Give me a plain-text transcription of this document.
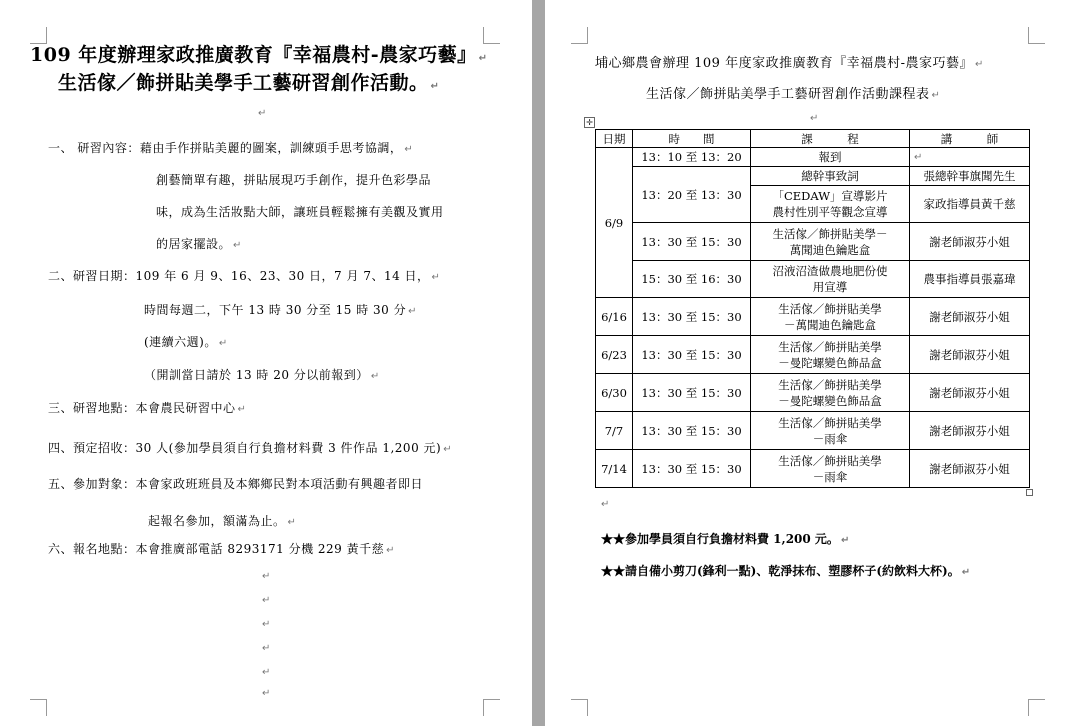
109 年度辦理家政推廣教育『幸福農村-農家巧藝』 ↵
生活傢／飾拼貼美學手工藝研習創作活動。 ↵
↵
一、 研習內容：藉由手作拼貼美麗的圖案，訓練頭手思考協調， ↵
創藝簡單有趣，拼貼展現巧手創作，提升色彩學品
味，成為生活妝點大師，讓班員輕鬆擁有美觀及實用
的居家擺設。 ↵
二、研習日期：109 年 6 月 9、16、23、30 日，7 月 7、14 日， ↵
時間每週二，下午 13 時 30 分至 15 時 30 分 ↵
(連續六週)。 ↵
（開訓當日請於 13 時 20 分以前報到） ↵
三、研習地點：本會農民研習中心 ↵
四、預定招收：30 人(參加學員須自行負擔材料費 3 件作品 1,200 元) ↵
五、參加對象：本會家政班班員及本鄉鄉民對本項活動有興趣者即日
起報名參加，額滿為止。 ↵
六、報名地點：本會推廣部電話 8293171 分機 229 黃千慈 ↵
↵
↵
↵
↵
↵
↵
埔心鄉農會辦理 109 年度家政推廣教育『幸福農村-農家巧藝』 ↵
生活傢／飾拼貼美學手工藝研習創作活動課程表 ↵
↵
✛
日期	時　　間	課　　　程	講　　　師
6/9	13：10 至 13：20	報到	↵
	13：20 至 13：30	總幹事致詞	張總幹事旗聞先生

		「CEDAW」宣導影片
農村性別平等觀念宣導	家政指導員黃千慈
	13：30 至 15：30	生活傢／飾拼貼美學－
萬聞迪色鑰匙盒	謝老師淑芬小姐
	15：30 至 16：30	沼液沼渣做農地肥份使
用宣導	農事指導員張嘉瑋

6/16	13：30 至 15：30	生活傢／飾拼貼美學
－萬聞迪色鑰匙盒	謝老師淑芬小姐
6/23	13：30 至 15：30	生活傢／飾拼貼美學
－曼陀螺變色飾品盒	謝老師淑芬小姐
6/30	13：30 至 15：30	生活傢／飾拼貼美學
－曼陀螺變色飾品盒	謝老師淑芬小姐
7/7	13：30 至 15：30	生活傢／飾拼貼美學
－雨傘	謝老師淑芬小姐
7/14	13：30 至 15：30	生活傢／飾拼貼美學
－雨傘	謝老師淑芬小姐
↵
★★參加學員須自行負擔材料費 1,200 元。 ↵
★★請自備小剪刀(鋒利一點)、乾淨抹布、塑膠杯子(約飲料大杯)。 ↵
